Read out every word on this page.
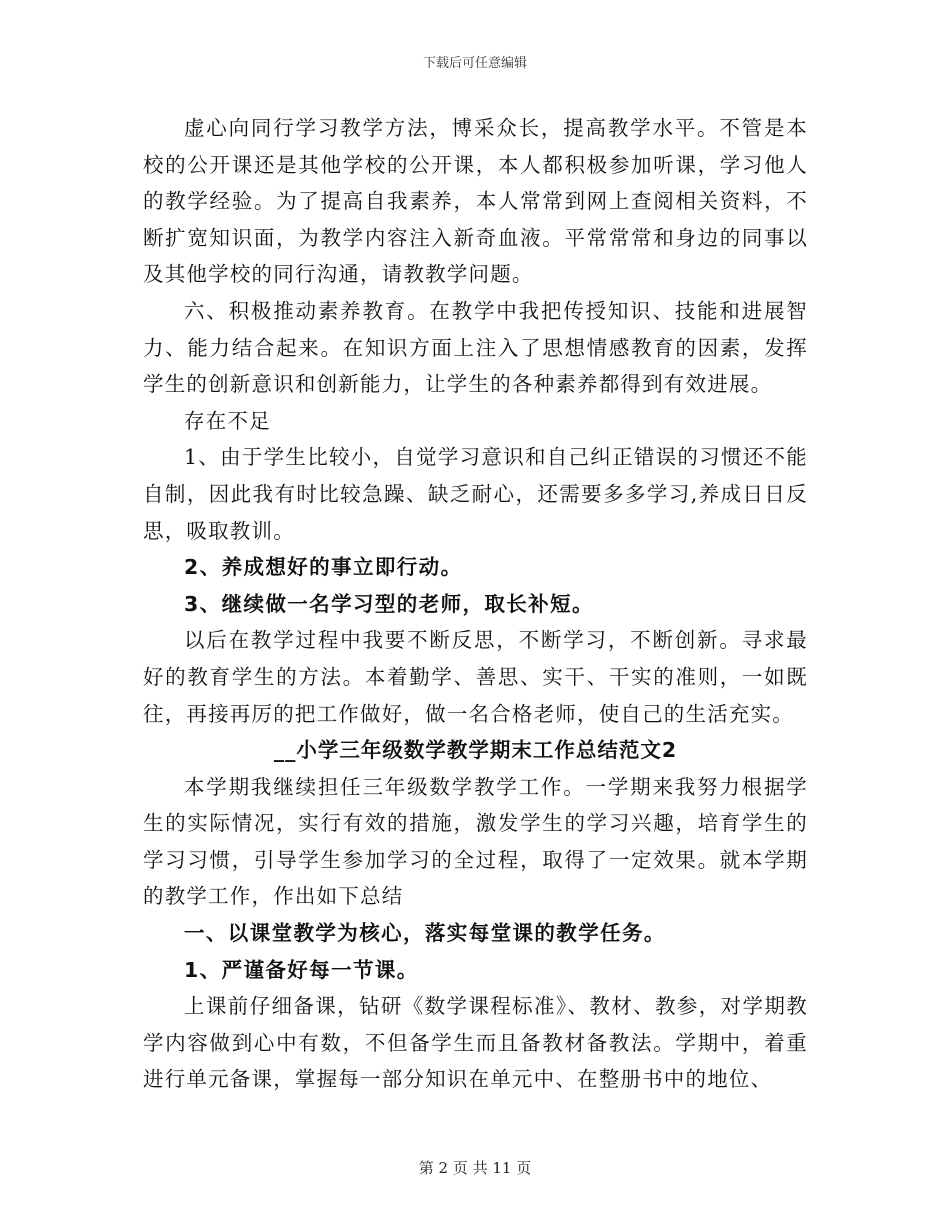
下载后可任意编辑

虚心向同行学习教学方法，博采众长，提高教学水平。不管是本校的公开课还是其他学校的公开课，本人都积极参加听课，学习他人的教学经验。为了提高自我素养，本人常常到网上查阅相关资料，不断扩宽知识面，为教学内容注入新奇血液。平常常常和身边的同事以及其他学校的同行沟通，请教教学问题。

六、积极推动素养教育。在教学中我把传授知识、技能和进展智力、能力结合起来。在知识方面上注入了思想情感教育的因素，发挥学生的创新意识和创新能力，让学生的各种素养都得到有效进展。

存在不足

1、由于学生比较小，自觉学习意识和自己纠正错误的习惯还不能自制，因此我有时比较急躁、缺乏耐心，还需要多多学习,养成日日反思，吸取教训。

2、养成想好的事立即行动。

3、继续做一名学习型的老师，取长补短。

以后在教学过程中我要不断反思，不断学习，不断创新。寻求最好的教育学生的方法。本着勤学、善思、实干、干实的准则，一如既往，再接再厉的把工作做好，做一名合格老师，使自己的生活充实。

__小学三年级数学教学期末工作总结范文2

本学期我继续担任三年级数学教学工作。一学期来我努力根据学生的实际情况，实行有效的措施，激发学生的学习兴趣，培育学生的学习习惯，引导学生参加学习的全过程，取得了一定效果。就本学期的教学工作，作出如下总结

一、以课堂教学为核心，落实每堂课的教学任务。

1、严谨备好每一节课。

上课前仔细备课，钻研《数学课程标准》、教材、教参，对学期教学内容做到心中有数，不但备学生而且备教材备教法。学期中，着重进行单元备课，掌握每一部分知识在单元中、在整册书中的地位、

第 2 页 共 11 页
